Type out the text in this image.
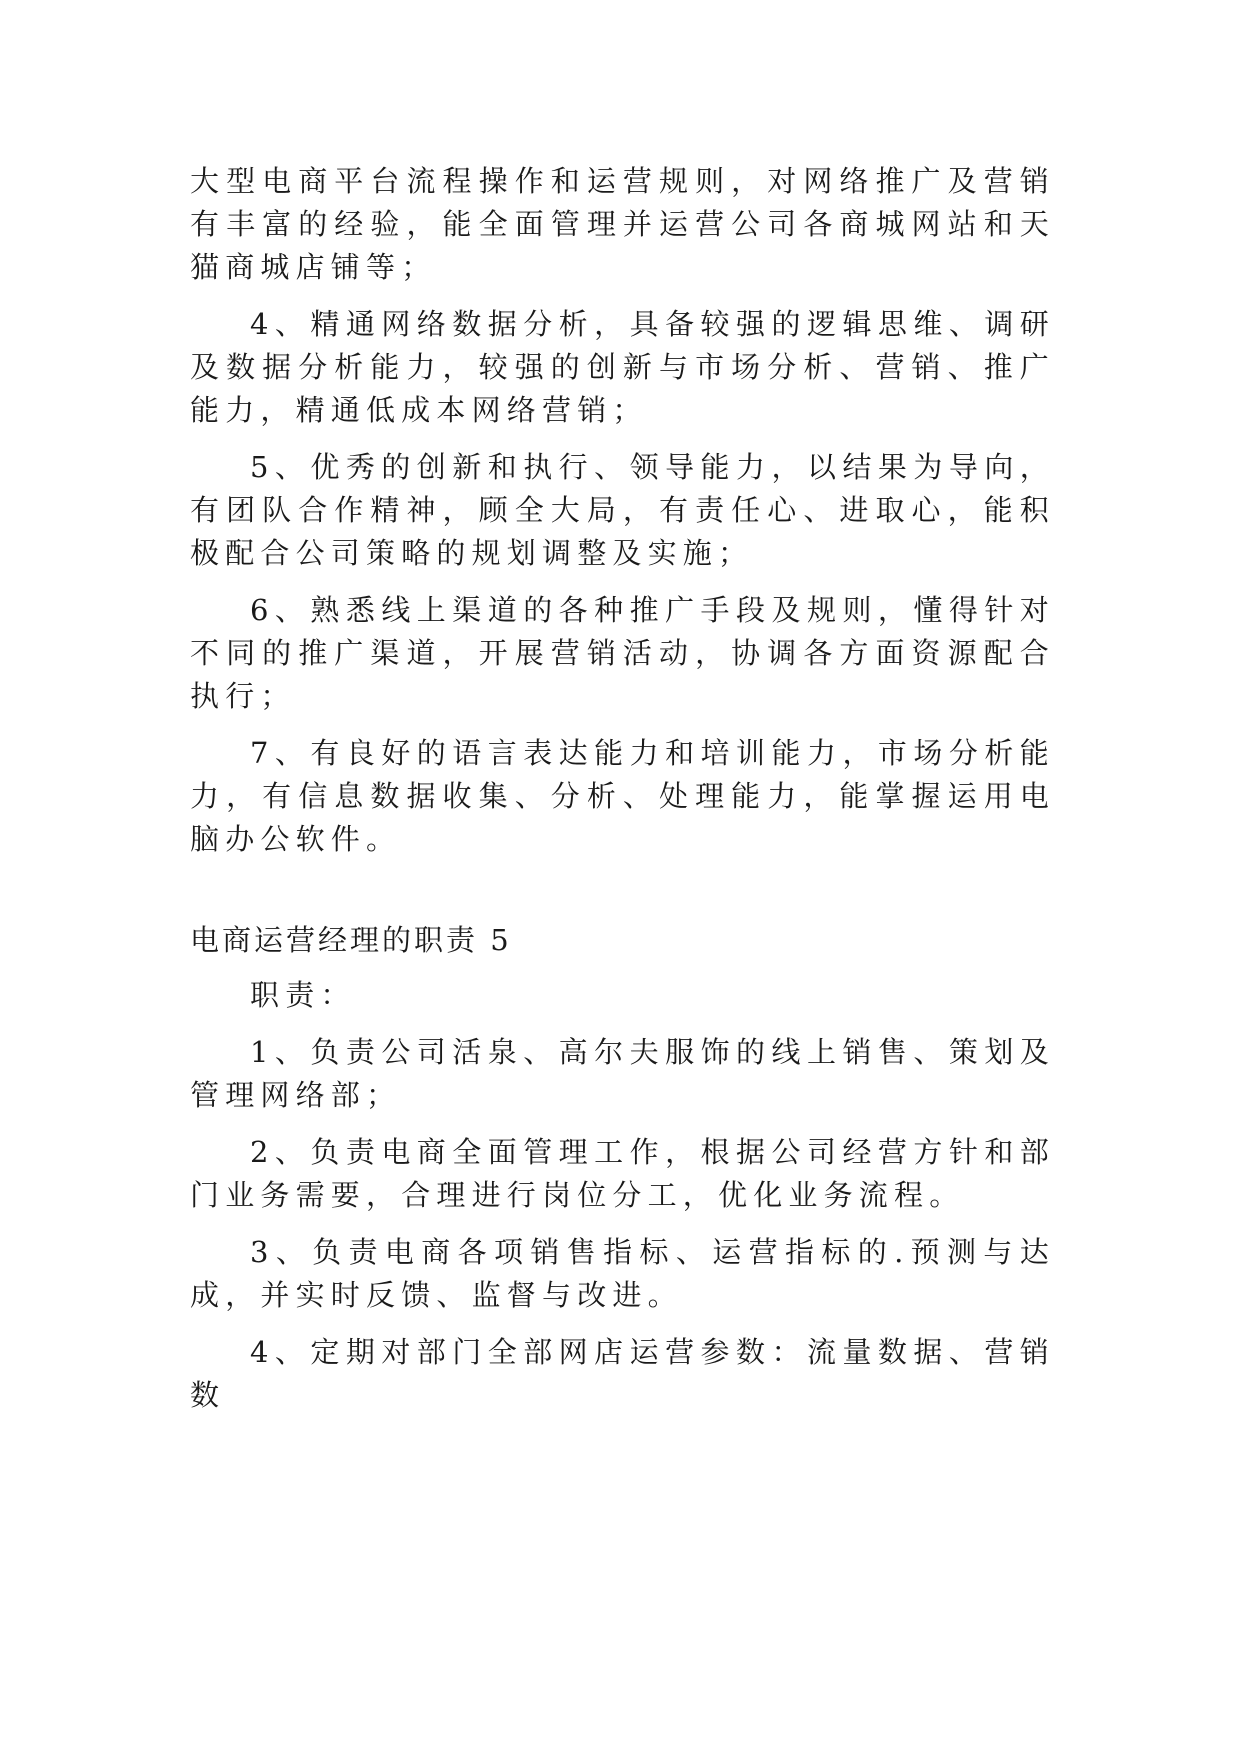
大型电商平台流程操作和运营规则，对网络推广及营销有丰富的经验，能全面管理并运营公司各商城网站和天猫商城店铺等；

4、精通网络数据分析，具备较强的逻辑思维、调研及数据分析能力，较强的创新与市场分析、营销、推广能力，精通低成本网络营销；

5、优秀的创新和执行、领导能力，以结果为导向，有团队合作精神，顾全大局，有责任心、进取心，能积极配合公司策略的规划调整及实施；

6、熟悉线上渠道的各种推广手段及规则，懂得针对不同的推广渠道，开展营销活动，协调各方面资源配合执行；

7、有良好的语言表达能力和培训能力，市场分析能力，有信息数据收集、分析、处理能力，能掌握运用电脑办公软件。

电商运营经理的职责 5

职责：

1、负责公司活泉、高尔夫服饰的线上销售、策划及管理网络部；

2、负责电商全面管理工作，根据公司经营方针和部门业务需要，合理进行岗位分工，优化业务流程。

3、负责电商各项销售指标、运营指标的.预测与达成，并实时反馈、监督与改进。

4、定期对部门全部网店运营参数：流量数据、营销数
